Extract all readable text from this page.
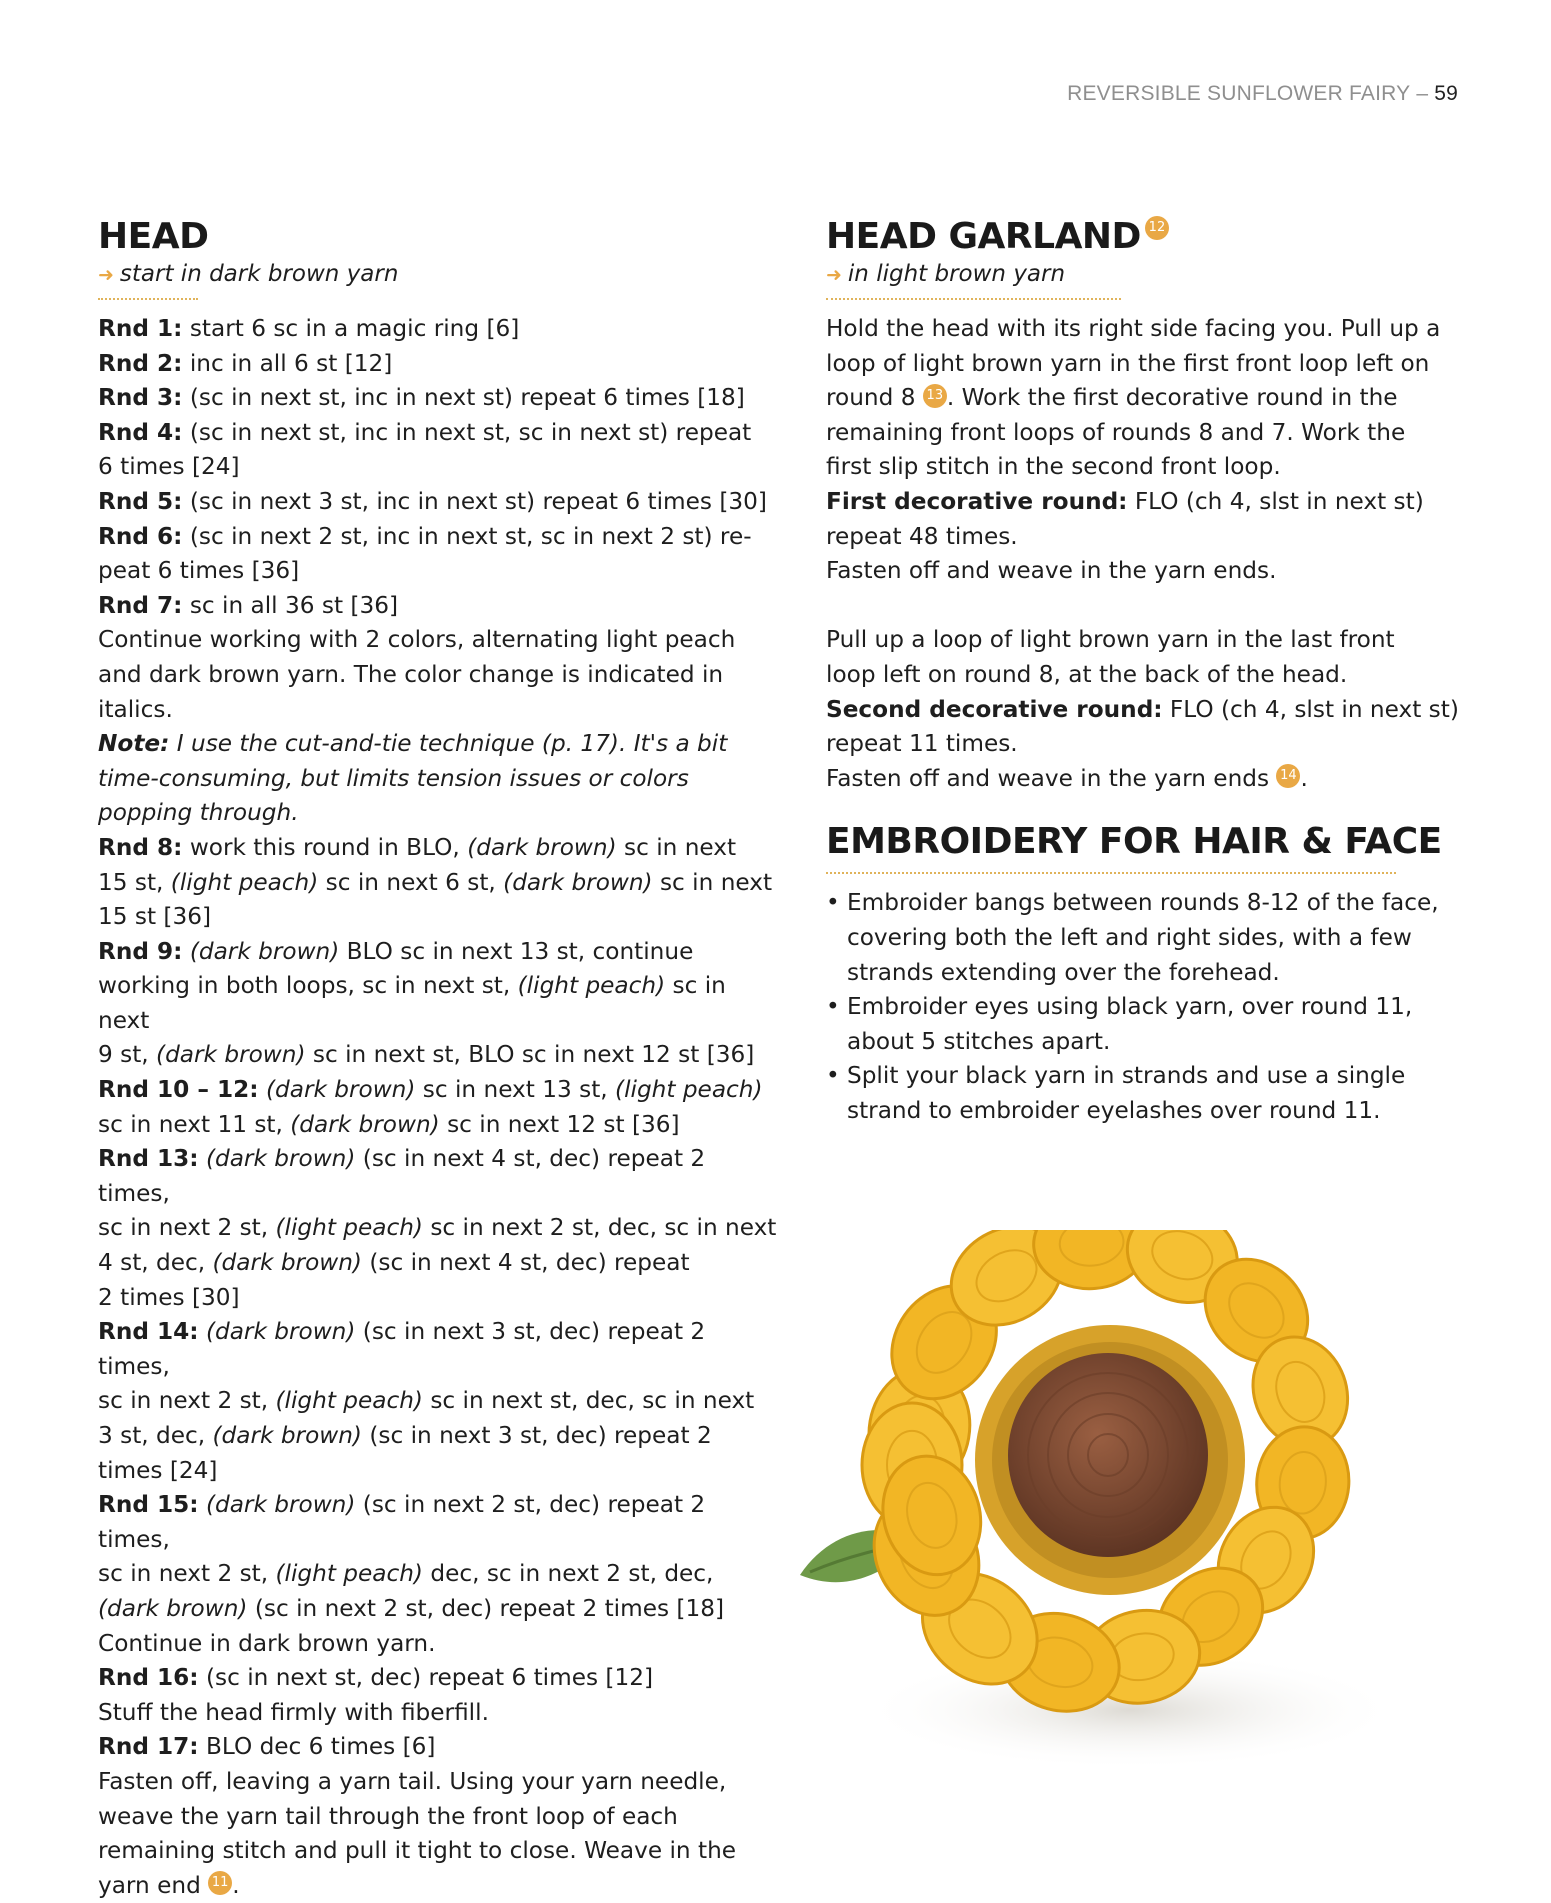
REVERSIBLE SUNFLOWER FAIRY – 59
HEAD
➜ start in dark brown yarn

Rnd 1: start 6 sc in a magic ring [6]

Rnd 2: inc in all 6 st [12]

Rnd 3: (sc in next st, inc in next st) repeat 6 times [18]

Rnd 4: (sc in next st, inc in next st, sc in next st) repeat

6 times [24]

Rnd 5: (sc in next 3 st, inc in next st) repeat 6 times [30]

Rnd 6: (sc in next 2 st, inc in next st, sc in next 2 st) re-

peat 6 times [36]

Rnd 7: sc in all 36 st [36]

Continue working with 2 colors, alternating light peach

and dark brown yarn. The color change is indicated in

italics.

Note: I use the cut-and-tie technique (p. 17). It's a bit

time-consuming, but limits tension issues or colors

popping through.

Rnd 8: work this round in BLO, (dark brown) sc in next

15 st, (light peach) sc in next 6 st, (dark brown) sc in next

15 st [36]

Rnd 9: (dark brown) BLO sc in next 13 st, continue

working in both loops, sc in next st, (light peach) sc in next

9 st, (dark brown) sc in next st, BLO sc in next 12 st [36]

Rnd 10 – 12: (dark brown) sc in next 13 st, (light peach)

sc in next 11 st, (dark brown) sc in next 12 st [36]

Rnd 13: (dark brown) (sc in next 4 st, dec) repeat 2 times,

sc in next 2 st, (light peach) sc in next 2 st, dec, sc in next

4 st, dec, (dark brown) (sc in next 4 st, dec) repeat

2 times [30]

Rnd 14: (dark brown) (sc in next 3 st, dec) repeat 2 times,

sc in next 2 st, (light peach) sc in next st, dec, sc in next

3 st, dec, (dark brown) (sc in next 3 st, dec) repeat 2

times [24]

Rnd 15: (dark brown) (sc in next 2 st, dec) repeat 2 times,

sc in next 2 st, (light peach) dec, sc in next 2 st, dec,

(dark brown) (sc in next 2 st, dec) repeat 2 times [18]

Continue in dark brown yarn.

Rnd 16: (sc in next st, dec) repeat 6 times [12]

Stuff the head firmly with fiberfill.

Rnd 17: BLO dec 6 times [6]

Fasten off, leaving a yarn tail. Using your yarn needle,

weave the yarn tail through the front loop of each

remaining stitch and pull it tight to close. Weave in the

yarn end 11 .

HEAD GARLAND 12
➜ in light brown yarn

Hold the head with its right side facing you. Pull up a

loop of light brown yarn in the first front loop left on

round 8 13 . Work the first decorative round in the

remaining front loops of rounds 8 and 7. Work the

first slip stitch in the second front loop.

First decorative round: FLO (ch 4, slst in next st)

repeat 48 times.

Fasten off and weave in the yarn ends.

Pull up a loop of light brown yarn in the last front

loop left on round 8, at the back of the head.

Second decorative round: FLO (ch 4, slst in next st)

repeat 11 times.

Fasten off and weave in the yarn ends 14 .

EMBROIDERY FOR HAIR & FACE
• Embroider bangs between rounds 8-12 of the face,
covering both the left and right sides, with a few
strands extending over the forehead.
• Embroider eyes using black yarn, over round 11,
about 5 stitches apart.
• Split your black yarn in strands and use a single
strand to embroider eyelashes over round 11.
